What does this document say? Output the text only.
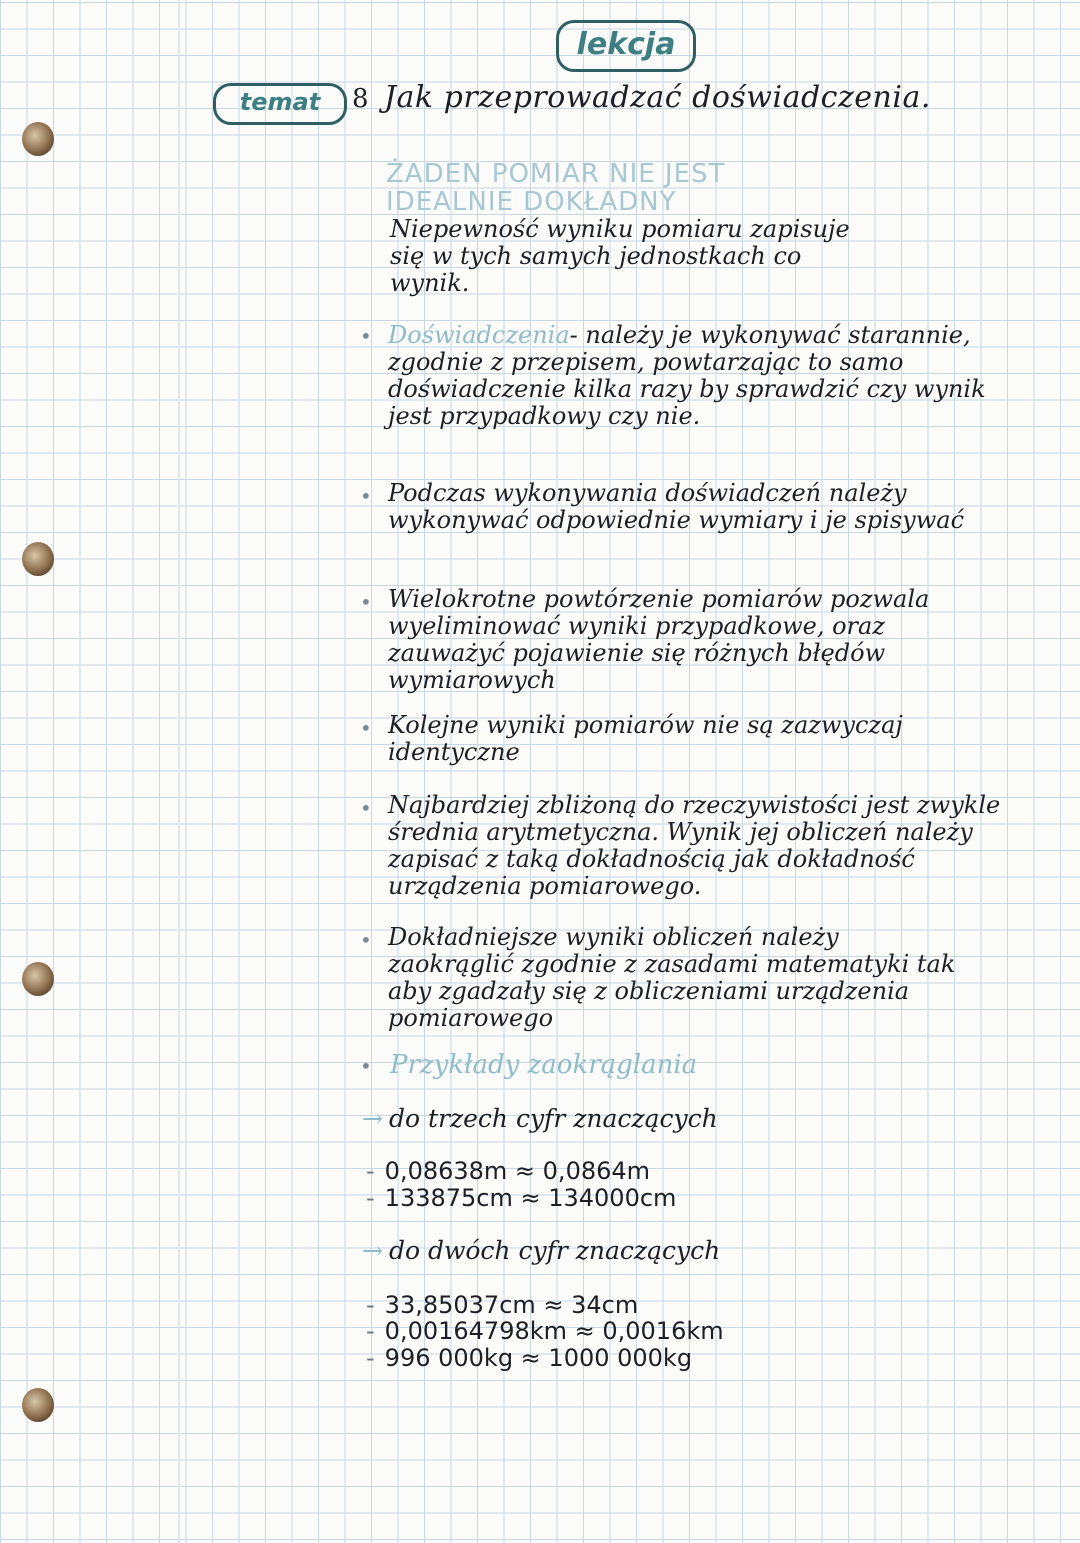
lekcja
temat	8 Jak przeprowadzać doświadczenia.
ŻADEN POMIAR NIE JEST
IDEALNIE DOKŁADNY
Niepewność wyniku pomiaru zapisuje się w tych samych jednostkach co wynik.
• Doświadczenia- należy je wykonywać starannie, zgodnie z przepisem, powtarzając to samo doświadczenie kilka razy by sprawdzić czy wynik jest przypadkowy czy nie.
• Podczas wykonywania doświadczeń należy wykonywać odpowiednie wymiary i je spisywać
• Wielokrotne powtórzenie pomiarów pozwala wyeliminować wyniki przypadkowe, oraz zauważyć pojawienie się różnych błędów wymiarowych
• Kolejne wyniki pomiarów nie są zazwyczaj identyczne
• Najbardziej zbliżoną do rzeczywistości jest zwykle średnia arytmetyczna. Wynik jej obliczeń należy zapisać z taką dokładnością jak dokładność urządzenia pomiarowego.
• Dokładniejsze wyniki obliczeń należy zaokrąglić zgodnie z zasadami matematyki tak aby zgadzały się z obliczeniami urządzenia pomiarowego
• Przykłady zaokrąglania
→ do trzech cyfr znaczących
- 0,08638m ≈ 0,0864m
- 133875cm ≈ 134000cm
→ do dwóch cyfr znaczących
- 33,85037cm ≈ 34cm
- 0,00164798km ≈ 0,0016km
- 996 000kg ≈ 1000 000kg
